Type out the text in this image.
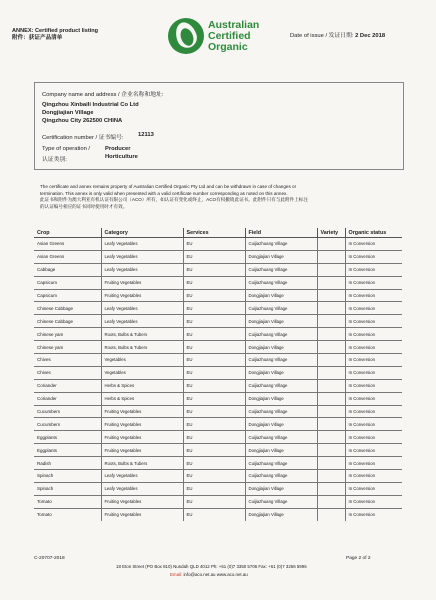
ANNEX: Certified product listing
附件：获证产品清单
Australian
Certified
Organic
Date of issue / 发证日期: 2 Dec 2018
Company name and address / 企业名称和地址:
Qingzhou Xinbaili Industrial Co Ltd
Dongjiajian Village
Qingzhou City 262500 CHINA
Certification number / 证书编号: 12113
Type of operation /
认证类别:
Producer
Horticulture
The certificate and annex remains property of Australian Certified Organic Pty Ltd and can be withdrawn in case of changes or
termination. This annex is only valid when presented with a valid certificate number corresponding as noted on this annex.
此证书和附件为澳大利亚有机认证有限公司（ACO）所有，如认证有变化或终止，ACO有权撤销此证书。此附件只有与此附件上标注
的认证编号相应的证书同时使用时才有效。
Crop	Category	Services	Field	Variety	Organic status
Asian Greens	Leafy Vegetables	EU	Cuijiazhuang Village		In Conversion
Asian Greens	Leafy Vegetables	EU	Dongjiajian Village		In Conversion
Cabbage	Leafy Vegetables	EU	Cuijiazhuang Village		In Conversion
Capsicum	Fruiting Vegetables	EU	Cuijiazhuang Village		In Conversion
Capsicum	Fruiting Vegetables	EU	Dongjiajian Village		In Conversion
Chinese Cabbage	Leafy Vegetables	EU	Cuijiazhuang Village		In Conversion
Chinese Cabbage	Leafy Vegetables	EU	Dongjiajian Village		In Conversion
Chinese yam	Roots, Bulbs & Tubers	EU	Cuijiazhuang Village		In Conversion
Chinese yam	Roots, Bulbs & Tubers	EU	Dongjiajian Village		In Conversion
Chives	Vegetables	EU	Cuijiazhuang Village		In Conversion
Chives	Vegetables	EU	Dongjiajian Village		In Conversion
Coriander	Herbs & Spices	EU	Cuijiazhuang Village		In Conversion
Coriander	Herbs & Spices	EU	Dongjiajian Village		In Conversion
Cucumbers	Fruiting Vegetables	EU	Cuijiazhuang Village		In Conversion
Cucumbers	Fruiting Vegetables	EU	Dongjiajian Village		In Conversion
Eggplants	Fruiting Vegetables	EU	Cuijiazhuang Village		In Conversion
Eggplants	Fruiting Vegetables	EU	Dongjiajian Village		In Conversion
Radish	Roots, Bulbs & Tubers	EU	Cuijiazhuang Village		In Conversion
Spinach	Leafy Vegetables	EU	Cuijiazhuang Village		In Conversion
Spinach	Leafy Vegetables	EU	Dongjiajian Village		In Conversion
Tomato	Fruiting Vegetables	EU	Cuijiazhuang Village		In Conversion
Tomato	Fruiting Vegetables	EU	Dongjiajian Village		In Conversion
C-20707-2018	Page 2 of 2
18 Eton Street (PO Box 810) Nundah QLD 4012 Ph: +61 (0)7 3350 5706 Fax: +61 (0)7 3266 5996
Email: info@aco.net.au www.aco.net.au
